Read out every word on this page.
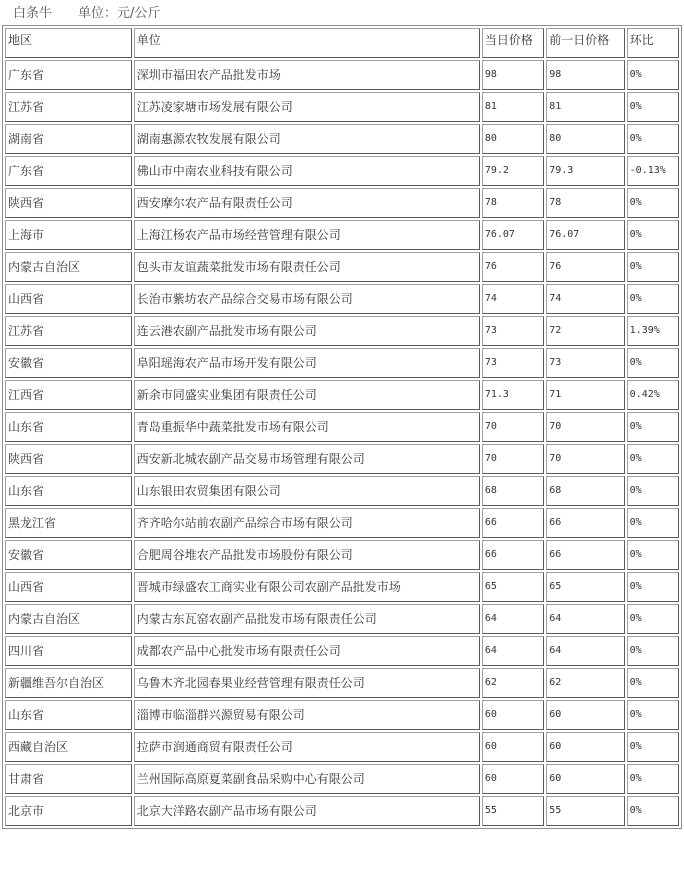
白条牛 单位：元/公斤
地区	单位	当日价格	前一日价格	环比
广东省	深圳市福田农产品批发市场	98	98	0%
江苏省	江苏凌家塘市场发展有限公司	81	81	0%
湖南省	湖南惠源农牧发展有限公司	80	80	0%
广东省	佛山市中南农业科技有限公司	79.2	79.3	-0.13%
陕西省	西安摩尔农产品有限责任公司	78	78	0%
上海市	上海江杨农产品市场经营管理有限公司	76.07	76.07	0%
内蒙古自治区	包头市友谊蔬菜批发市场有限责任公司	76	76	0%
山西省	长治市紫坊农产品综合交易市场有限公司	74	74	0%
江苏省	连云港农副产品批发市场有限公司	73	72	1.39%
安徽省	阜阳瑶海农产品市场开发有限公司	73	73	0%
江西省	新余市同盛实业集团有限责任公司	71.3	71	0.42%
山东省	青岛重振华中蔬菜批发市场有限公司	70	70	0%
陕西省	西安新北城农副产品交易市场管理有限公司	70	70	0%
山东省	山东银田农贸集团有限公司	68	68	0%
黑龙江省	齐齐哈尔站前农副产品综合市场有限公司	66	66	0%
安徽省	合肥周谷堆农产品批发市场股份有限公司	66	66	0%
山西省	晋城市绿盛农工商实业有限公司农副产品批发市场	65	65	0%
内蒙古自治区	内蒙古东瓦窑农副产品批发市场有限责任公司	64	64	0%
四川省	成都农产品中心批发市场有限责任公司	64	64	0%
新疆维吾尔自治区	乌鲁木齐北园春果业经营管理有限责任公司	62	62	0%
山东省	淄博市临淄群兴源贸易有限公司	60	60	0%
西藏自治区	拉萨市润通商贸有限责任公司	60	60	0%
甘肃省	兰州国际高原夏菜副食品采购中心有限公司	60	60	0%
北京市	北京大洋路农副产品市场有限公司	55	55	0%
